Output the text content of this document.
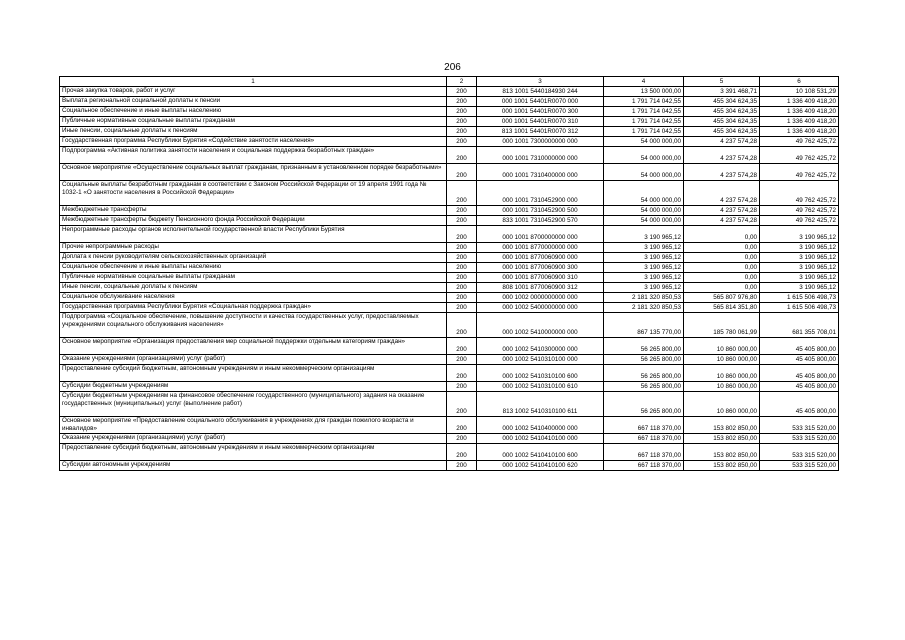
206
1	2	3	4	5	6
Прочая закупка товаров, работ и услуг	200	813 1001 5440184930 244	13 500 000,00	3 391 468,71	10 108 531,29
Выплата региональной социальной доплаты к пенсии	200	000 1001 54401R0070 000	1 791 714 042,55	455 304 624,35	1 336 409 418,20
Социальное обеспечение и иные выплаты населению	200	000 1001 54401R0070 300	1 791 714 042,55	455 304 624,35	1 336 409 418,20
Публичные нормативные социальные выплаты гражданам	200	000 1001 54401R0070 310	1 791 714 042,55	455 304 624,35	1 336 409 418,20
Иные пенсии, социальные доплаты к пенсиям	200	813 1001 54401R0070 312	1 791 714 042,55	455 304 624,35	1 336 409 418,20
Государственная программа Республики Бурятия «Содействие занятости населения»	200	000 1001 7300000000 000	54 000 000,00	4 237 574,28	49 762 425,72
Подпрограмма «Активная политика занятости населения и социальная поддержка безработных граждан»	200	000 1001 7310000000 000	54 000 000,00	4 237 574,28	49 762 425,72
Основное мероприятие «Осуществление социальных выплат гражданам, признанным в установленном порядке безработными»	200	000 1001 7310400000 000	54 000 000,00	4 237 574,28	49 762 425,72
Социальные выплаты безработным гражданам в соответствии с Законом Российской Федерации от 19 апреля 1991 года № 1032-1 «О занятости населения в Российской Федерации»	200	000 1001 7310452900 000	54 000 000,00	4 237 574,28	49 762 425,72
Межбюджетные трансферты	200	000 1001 7310452900 500	54 000 000,00	4 237 574,28	49 762 425,72
Межбюджетные трансферты бюджету Пенсионного фонда Российской Федерации	200	833 1001 7310452900 570	54 000 000,00	4 237 574,28	49 762 425,72
Непрограммные расходы органов исполнительной государственной власти Республики Бурятия	200	000 1001 8700000000 000	3 190 965,12	0,00	3 190 965,12
Прочие непрограммные расходы	200	000 1001 8770000000 000	3 190 965,12	0,00	3 190 965,12
Доплата к пенсии руководителям сельскохозяйственных организаций	200	000 1001 8770060900 000	3 190 965,12	0,00	3 190 965,12
Социальное обеспечение и иные выплаты населению	200	000 1001 8770060900 300	3 190 965,12	0,00	3 190 965,12
Публичные нормативные социальные выплаты гражданам	200	000 1001 8770060900 310	3 190 965,12	0,00	3 190 965,12
Иные пенсии, социальные доплаты к пенсиям	200	808 1001 8770060900 312	3 190 965,12	0,00	3 190 965,12
Социальное обслуживание населения	200	000 1002 0000000000 000	2 181 320 850,53	565 807 976,80	1 615 506 498,73
Государственная программа Республики Бурятия «Социальная поддержка граждан»	200	000 1002 5400000000 000	2 181 320 850,53	565 814 351,80	1 615 506 498,73
Подпрограмма «Социальное обеспечение, повышение доступности и качества государственных услуг, предоставляемых учреждениями социального обслуживания населения»	200	000 1002 5410000000 000	867 135 770,00	185 780 061,99	681 355 708,01
Основное мероприятие «Организация предоставления мер социальной поддержки отдельным категориям граждан»	200	000 1002 5410300000 000	56 265 800,00	10 860 000,00	45 405 800,00
Оказание учреждениями (организациями) услуг (работ)	200	000 1002 5410310100 000	56 265 800,00	10 860 000,00	45 405 800,00
Предоставление субсидий бюджетным, автономным учреждениям и иным некоммерческим организациям	200	000 1002 5410310100 600	56 265 800,00	10 860 000,00	45 405 800,00
Субсидии бюджетным учреждениям	200	000 1002 5410310100 610	56 265 800,00	10 860 000,00	45 405 800,00
Субсидии бюджетным учреждениям на финансовое обеспечение государственного (муниципального) задания на оказание государственных (муниципальных) услуг (выполнение работ)	200	813 1002 5410310100 611	56 265 800,00	10 860 000,00	45 405 800,00
Основное мероприятие «Предоставление социального обслуживания в учреждениях для граждан пожилого возраста и инвалидов»	200	000 1002 5410400000 000	667 118 370,00	153 802 850,00	533 315 520,00
Оказание учреждениями (организациями) услуг (работ)	200	000 1002 5410410100 000	667 118 370,00	153 802 850,00	533 315 520,00
Предоставление субсидий бюджетным, автономным учреждениям и иным некоммерческим организациям	200	000 1002 5410410100 600	667 118 370,00	153 802 850,00	533 315 520,00
Субсидии автономным учреждениям	200	000 1002 5410410100 620	667 118 370,00	153 802 850,00	533 315 520,00
